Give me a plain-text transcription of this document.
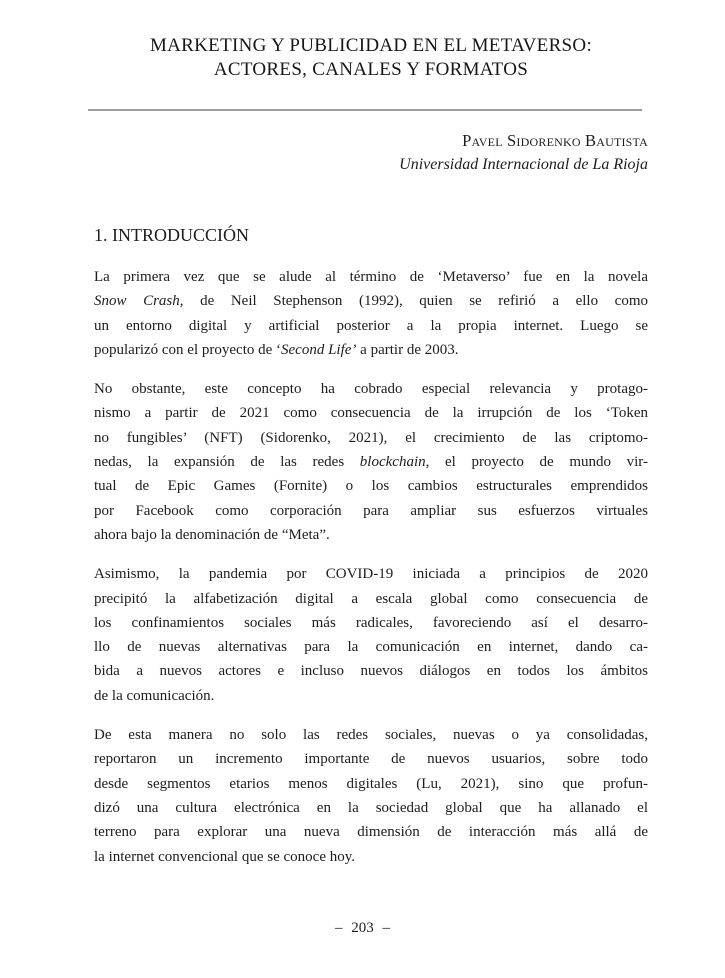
MARKETING Y PUBLICIDAD EN EL METAVERSO:
ACTORES, CANALES Y FORMATOS
Pavel Sidorenko Bautista
Universidad Internacional de La Rioja
1. INTRODUCCIÓN
La primera vez que se alude al término de ‘Metaverso’ fue en la novela
Snow Crash, de Neil Stephenson (1992), quien se refirió a ello como
un entorno digital y artificial posterior a la propia internet. Luego se
popularizó con el proyecto de ‘Second Life’ a partir de 2003.
No obstante, este concepto ha cobrado especial relevancia y protago-
nismo a partir de 2021 como consecuencia de la irrupción de los ‘Token
no fungibles’ (NFT) (Sidorenko, 2021), el crecimiento de las criptomo-
nedas, la expansión de las redes blockchain, el proyecto de mundo vir-
tual de Epic Games (Fornite) o los cambios estructurales emprendidos
por Facebook como corporación para ampliar sus esfuerzos virtuales
ahora bajo la denominación de “Meta”.
Asimismo, la pandemia por COVID-19 iniciada a principios de 2020
precipitó la alfabetización digital a escala global como consecuencia de
los confinamientos sociales más radicales, favoreciendo así el desarro-
llo de nuevas alternativas para la comunicación en internet, dando ca-
bida a nuevos actores e incluso nuevos diálogos en todos los ámbitos
de la comunicación.
De esta manera no solo las redes sociales, nuevas o ya consolidadas,
reportaron un incremento importante de nuevos usuarios, sobre todo
desde segmentos etarios menos digitales (Lu, 2021), sino que profun-
dizó una cultura electrónica en la sociedad global que ha allanado el
terreno para explorar una nueva dimensión de interacción más allá de
la internet convencional que se conoce hoy.
– 203 –
